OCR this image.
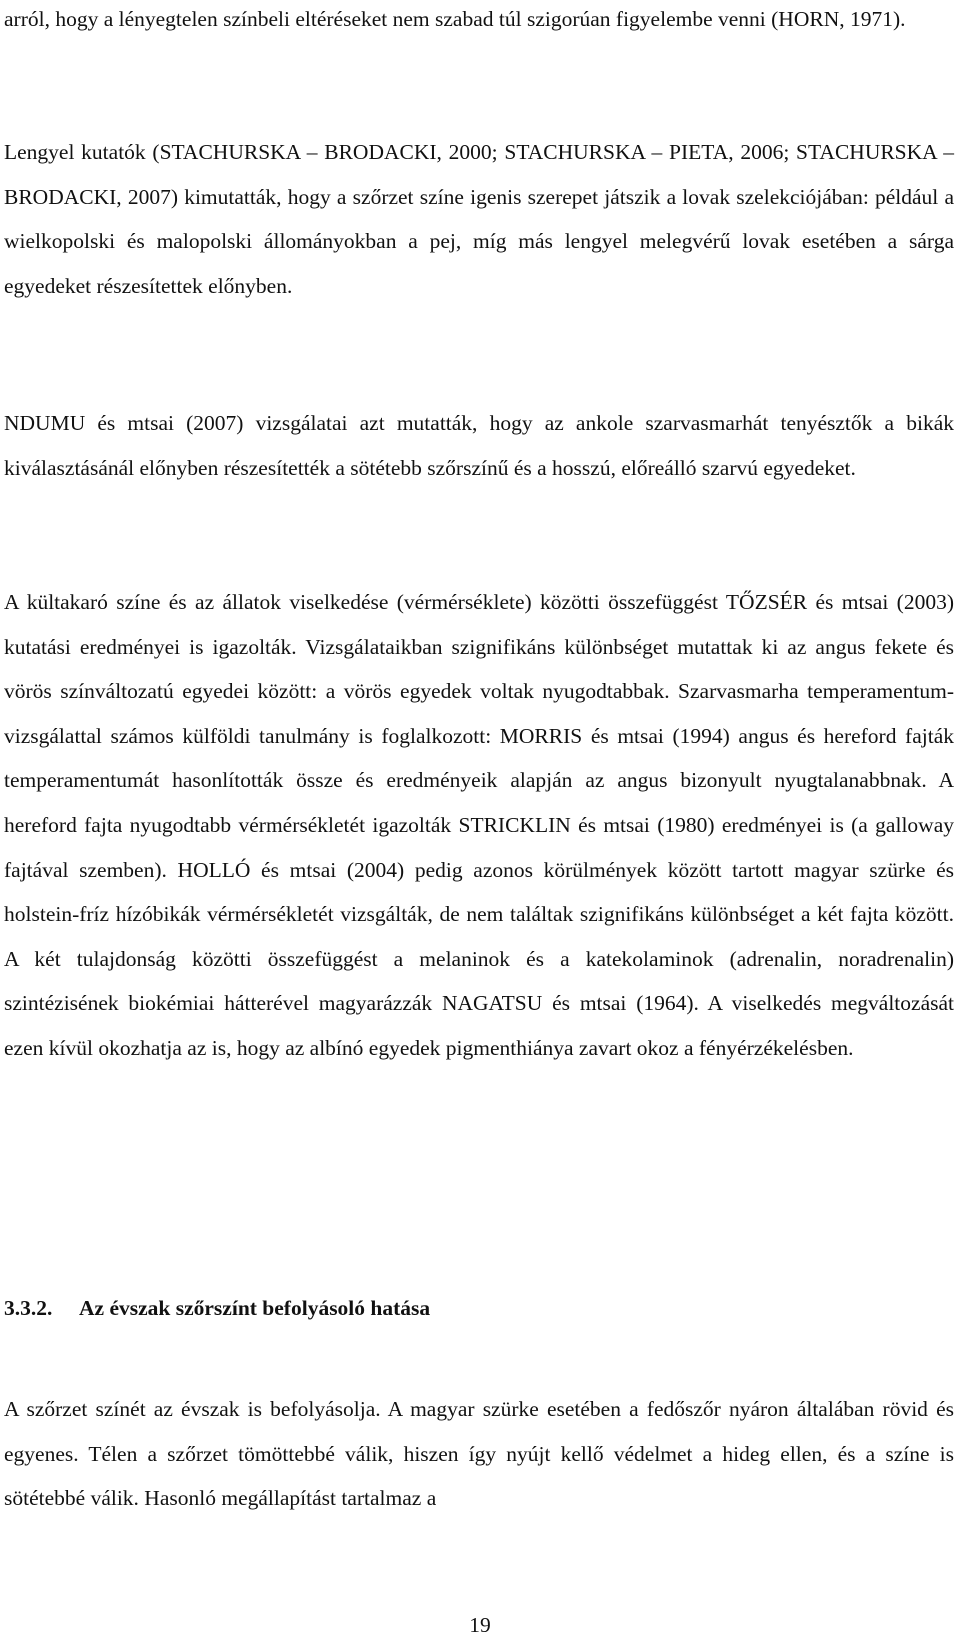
arról, hogy a lényegtelen színbeli eltéréseket nem szabad túl szigorúan figyelembe venni (HORN, 1971).

Lengyel kutatók (STACHURSKA – BRODACKI, 2000; STACHURSKA – PIETA, 2006; STACHURSKA – BRODACKI, 2007) kimutatták, hogy a szőrzet színe igenis szerepet játszik a lovak szelekciójában: például a wielkopolski és malopolski állományokban a pej, míg más lengyel melegvérű lovak esetében a sárga egyedeket részesítettek előnyben.

NDUMU és mtsai (2007) vizsgálatai azt mutatták, hogy az ankole szarvasmarhát tenyésztők a bikák kiválasztásánál előnyben részesítették a sötétebb szőrszínű és a hosszú, előreálló szarvú egyedeket.

A kültakaró színe és az állatok viselkedése (vérmérséklete) közötti összefüggést TŐZSÉR és mtsai (2003) kutatási eredményei is igazolták. Vizsgálataikban szignifikáns különbséget mutattak ki az angus fekete és vörös színváltozatú egyedei között: a vörös egyedek voltak nyugodtabbak. Szarvasmarha temperamentum-vizsgálattal számos külföldi tanulmány is foglalkozott: MORRIS és mtsai (1994) angus és hereford fajták temperamentumát hasonlították össze és eredményeik alapján az angus bizonyult nyugtalanabbnak. A hereford fajta nyugodtabb vérmérsékletét igazolták STRICKLIN és mtsai (1980) eredményei is (a galloway fajtával szemben). HOLLÓ és mtsai (2004) pedig azonos körülmények között tartott magyar szürke és holstein-fríz hízóbikák vérmérsékletét vizsgálták, de nem találtak szignifikáns különbséget a két fajta között. A két tulajdonság közötti összefüggést a melaninok és a katekolaminok (adrenalin, noradrenalin) szintézisének biokémiai hátterével magyarázzák NAGATSU és mtsai (1964). A viselkedés megváltozását ezen kívül okozhatja az is, hogy az albínó egyedek pigmenthiánya zavart okoz a fényérzékelésben.

3.3.2. Az évszak szőrszínt befolyásoló hatása

A szőrzet színét az évszak is befolyásolja. A magyar szürke esetében a fedőszőr nyáron általában rövid és egyenes. Télen a szőrzet tömöttebbé válik, hiszen így nyújt kellő védelmet a hideg ellen, és a színe is sötétebbé válik. Hasonló megállapítást tartalmaz a

19
